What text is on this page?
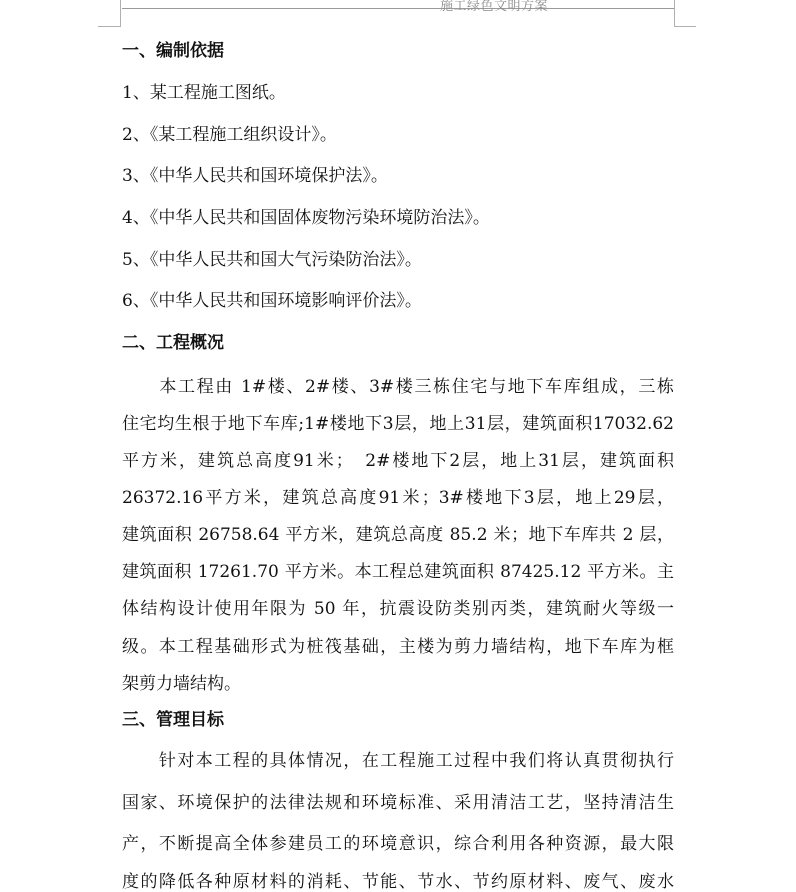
施工绿色文明方案
一、编制依据
1、某工程施工图纸。
2、《某工程施工组织设计》。
3、《中华人民共和国环境保护法》。
4、《中华人民共和国固体废物污染环境防治法》。
5、《中华人民共和国大气污染防治法》。
6、《中华人民共和国环境影响评价法》。
二、工程概况
　　本工程由 1#楼、2#楼、3#楼三栋住宅与地下车库组成，三栋
住宅均生根于地下车库;1#楼地下3层，地上31层，建筑面积17032.62
平方米，建筑总高度91米；　2#楼地下2层，地上31层，建筑面积
26372.16平方米，建筑总高度91米；3#楼地下3层，地上29层，
建筑面积 26758.64 平方米，建筑总高度 85.2 米；地下车库共 2 层，
建筑面积 17261.70 平方米。本工程总建筑面积 87425.12 平方米。主
体结构设计使用年限为 50 年，抗震设防类别丙类，建筑耐火等级一
级。本工程基础形式为桩筏基础，主楼为剪力墙结构，地下车库为框
架剪力墙结构。
三、管理目标
　　针对本工程的具体情况，在工程施工过程中我们将认真贯彻执行
国家、环境保护的法律法规和环境标准、采用清洁工艺，坚持清洁生
产，不断提高全体参建员工的环境意识，综合利用各种资源，最大限
度的降低各种原材料的消耗、节能、节水、节约原材料、废气、废水
